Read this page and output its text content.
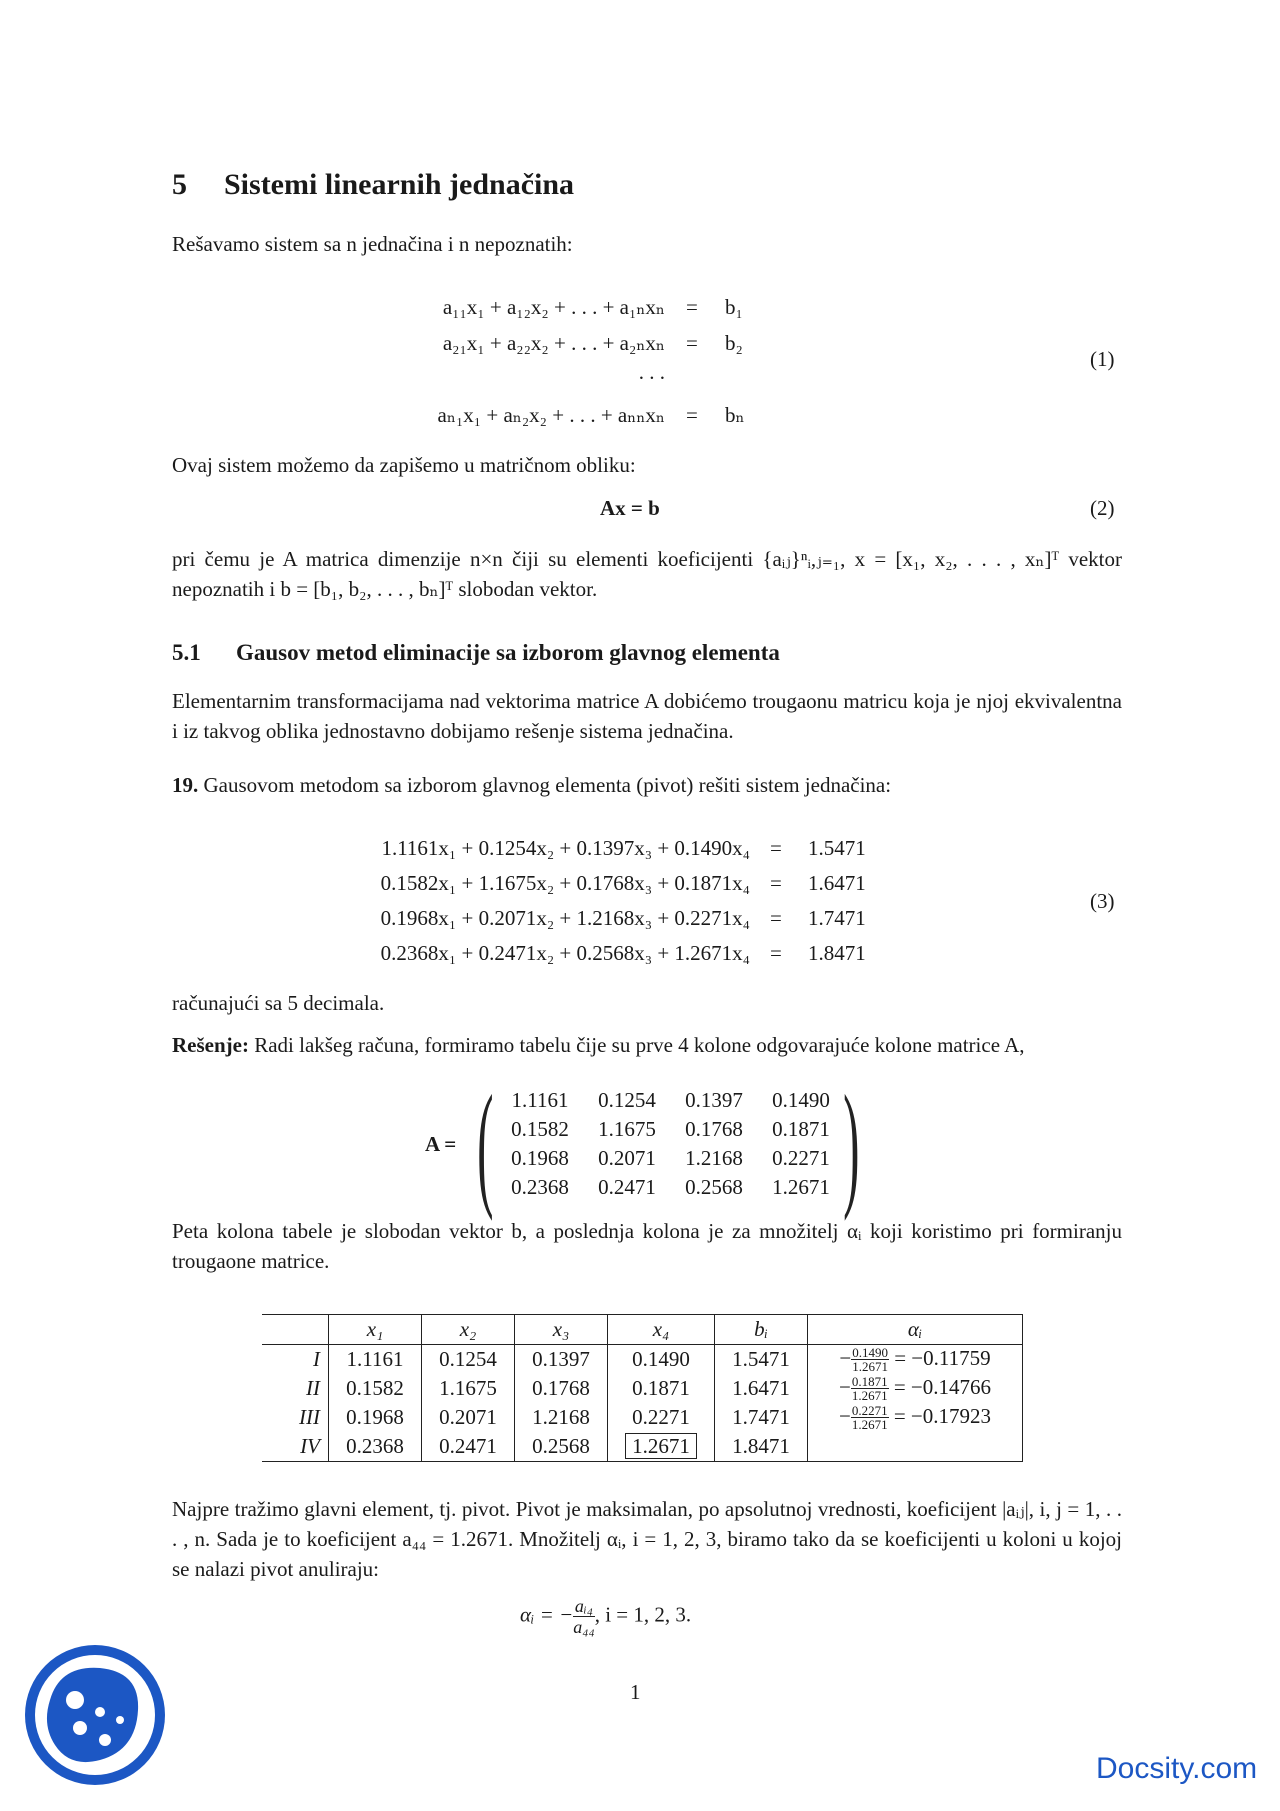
5 Sistemi linearnih jednačina
Rešavamo sistem sa n jednačina i n nepoznatih:
a₁₁x₁ + a₁₂x₂ + . . . + a₁ₙxₙ = b₁
a₂₁x₁ + a₂₂x₂ + . . . + a₂ₙxₙ = b₂
. . .
aₙ₁x₁ + aₙ₂x₂ + . . . + aₙₙxₙ = bₙ
(1)
Ovaj sistem možemo da zapišemo u matričnom obliku:
Ax = b	(2)
pri čemu je A matrica dimenzije n×n čiji su elementi koeficijenti {aᵢⱼ}ⁿᵢ,ⱼ₌₁, x = [x₁, x₂, . . . , xₙ]ᵀ vektor nepoznatih i b = [b₁, b₂, . . . , bₙ]ᵀ slobodan vektor.
5.1 Gausov metod eliminacije sa izborom glavnog elementa
Elementarnim transformacijama nad vektorima matrice A dobićemo trougaonu matricu koja je njoj ekvivalentna i iz takvog oblika jednostavno dobijamo rešenje sistema jednačina.
19. Gausovom metodom sa izborom glavnog elementa (pivot) rešiti sistem jednačina:
1.1161x₁ + 0.1254x₂ + 0.1397x₃ + 0.1490x₄ = 1.5471
0.1582x₁ + 1.1675x₂ + 0.1768x₃ + 0.1871x₄ = 1.6471
0.1968x₁ + 0.2071x₂ + 1.2168x₃ + 0.2271x₄ = 1.7471
0.2368x₁ + 0.2471x₂ + 0.2568x₃ + 1.2671x₄ = 1.8471
(3)
računajući sa 5 decimala.
Rešenje: Radi lakšeg računa, formiramo tabelu čije su prve 4 kolone odgovarajuće kolone matrice A,
A = ( )
1.1161	0.1254	0.1397	0.1490
0.1582	1.1675	0.1768	0.1871
0.1968	0.2071	1.2168	0.2271
0.2368	0.2471	0.2568	1.2671
Peta kolona tabele je slobodan vektor b, a poslednja kolona je za množitelj αᵢ koji koristimo pri formiranju trougaone matrice.
	x₁	x₂	x₃	x₄	bᵢ	αᵢ
I	1.1161	0.1254	0.1397	0.1490	1.5471	− $\frac{0.1490}{1.2671} = -0.11759$
II	0.1582	1.1675	0.1768	0.1871	1.6471	− $\frac{0.1871}{1.2671} = -0.14766$
III	0.1968	0.2071	1.2168	0.2271	1.7471	− $\frac{0.2271}{1.2671} = -0.17923$
IV	0.2368	0.2471	0.2568	1.2671	1.8471	
Najpre tražimo glavni element, tj. pivot. Pivot je maksimalan, po apsolutnoj vrednosti, koeficijent |aᵢⱼ|, i, j = 1, . . . , n. Sada je to koeficijent a₄₄ = 1.2671. Množitelj αᵢ, i = 1, 2, 3, biramo tako da se koeficijenti u koloni u kojoj se nalazi pivot anuliraju:
αᵢ = − $\frac{\text{aᵢ₄}}{\text{a₄₄}}$ , i = 1, 2, 3.
1
Docsity.com
